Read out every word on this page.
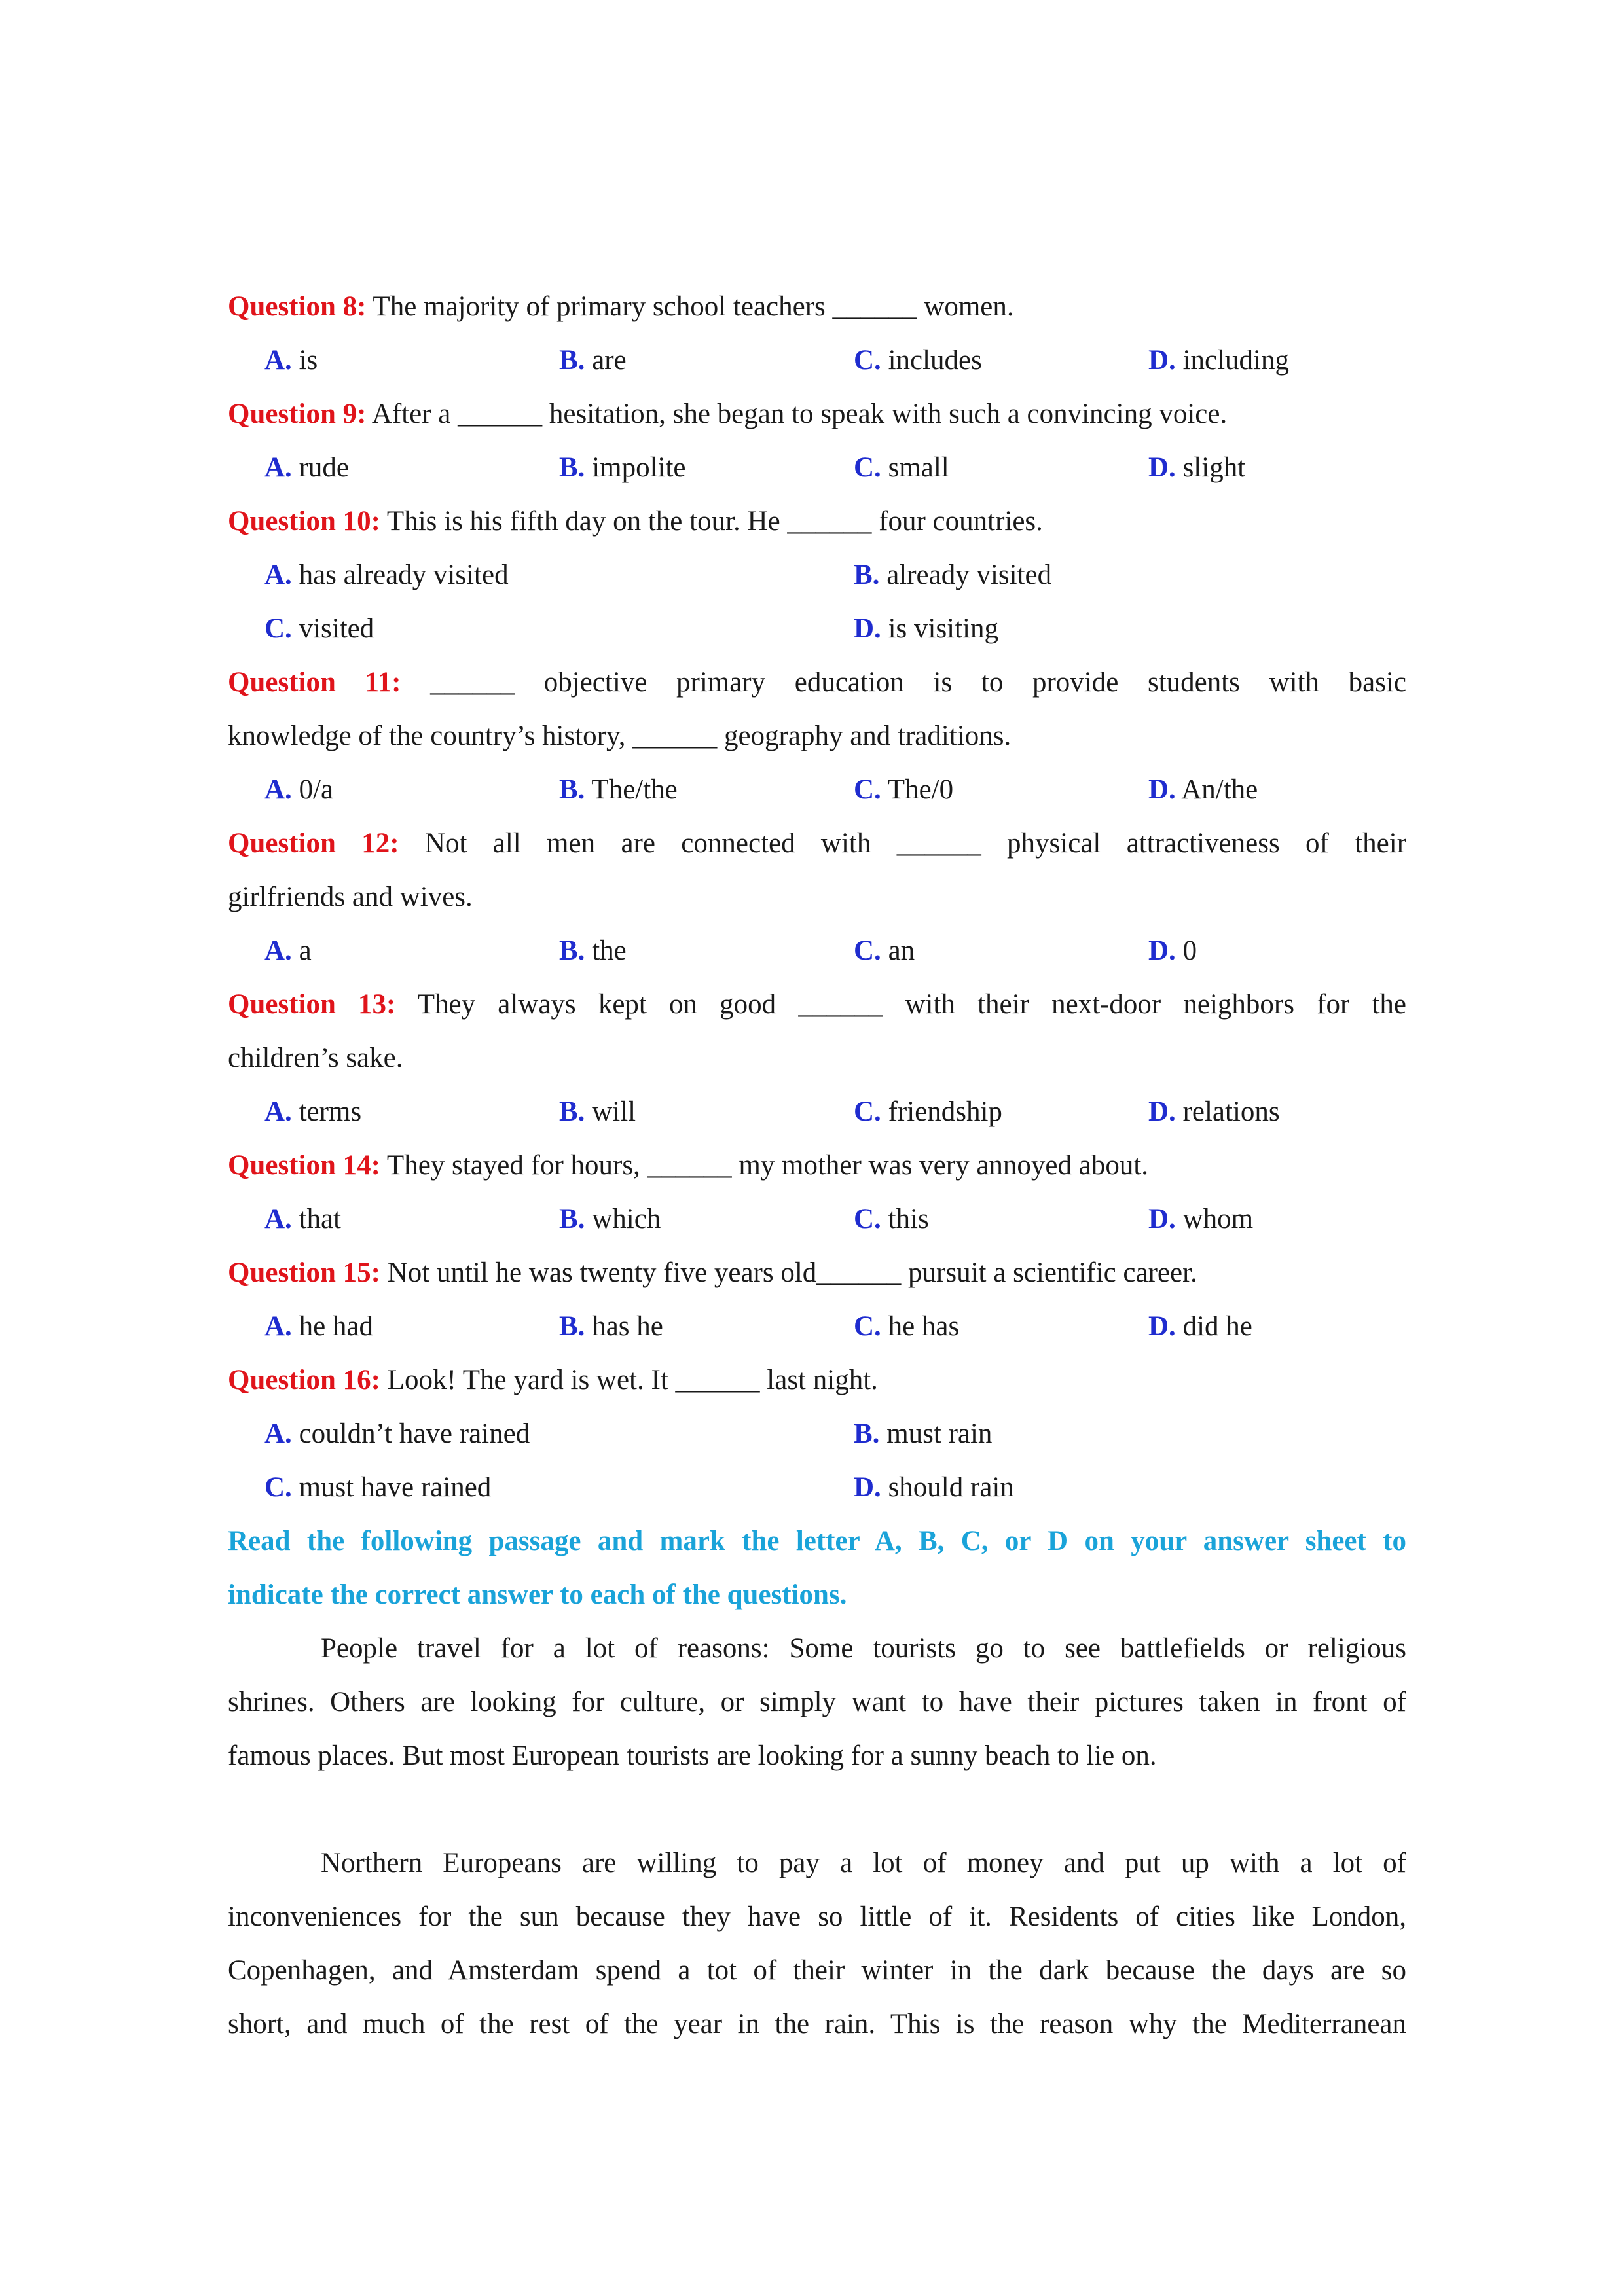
Question 8: The majority of primary school teachers ______ women.
A. is	B. are	C. includes	D. including
Question 9: After a ______ hesitation, she began to speak with such a convincing voice.
A. rude	B. impolite	C. small	D. slight
Question 10: This is his fifth day on the tour. He ______ four countries.
A. has already visited	B. already visited
C. visited	D. is visiting
Question 11: ______ objective primary education is to provide students with basic
knowledge of the country’s history, ______ geography and traditions.
A. 0/a	B. The/the	C. The/0	D. An/the
Question 12: Not all men are connected with ______ physical attractiveness of their
girlfriends and wives.
A. a	B. the	C. an	D. 0
Question 13: They always kept on good ______ with their next-door neighbors for the
children’s sake.
A. terms	B. will	C. friendship	D. relations
Question 14: They stayed for hours, ______ my mother was very annoyed about.
A. that	B. which	C. this	D. whom
Question 15: Not until he was twenty five years old______ pursuit a scientific career.
A. he had	B. has he	C. he has	D. did he
Question 16: Look! The yard is wet. It ______ last night.
A. couldn’t have rained	B. must rain
C. must have rained	D. should rain
Read the following passage and mark the letter A, B, C, or D on your answer sheet to
indicate the correct answer to each of the questions.
People travel for a lot of reasons: Some tourists go to see battlefields or religious
shrines. Others are looking for culture, or simply want to have their pictures taken in front of
famous places. But most European tourists are looking for a sunny beach to lie on.
Northern Europeans are willing to pay a lot of money and put up with a lot of
inconveniences for the sun because they have so little of it. Residents of cities like London,
Copenhagen, and Amsterdam spend a tot of their winter in the dark because the days are so
short, and much of the rest of the year in the rain. This is the reason why the Mediterranean
